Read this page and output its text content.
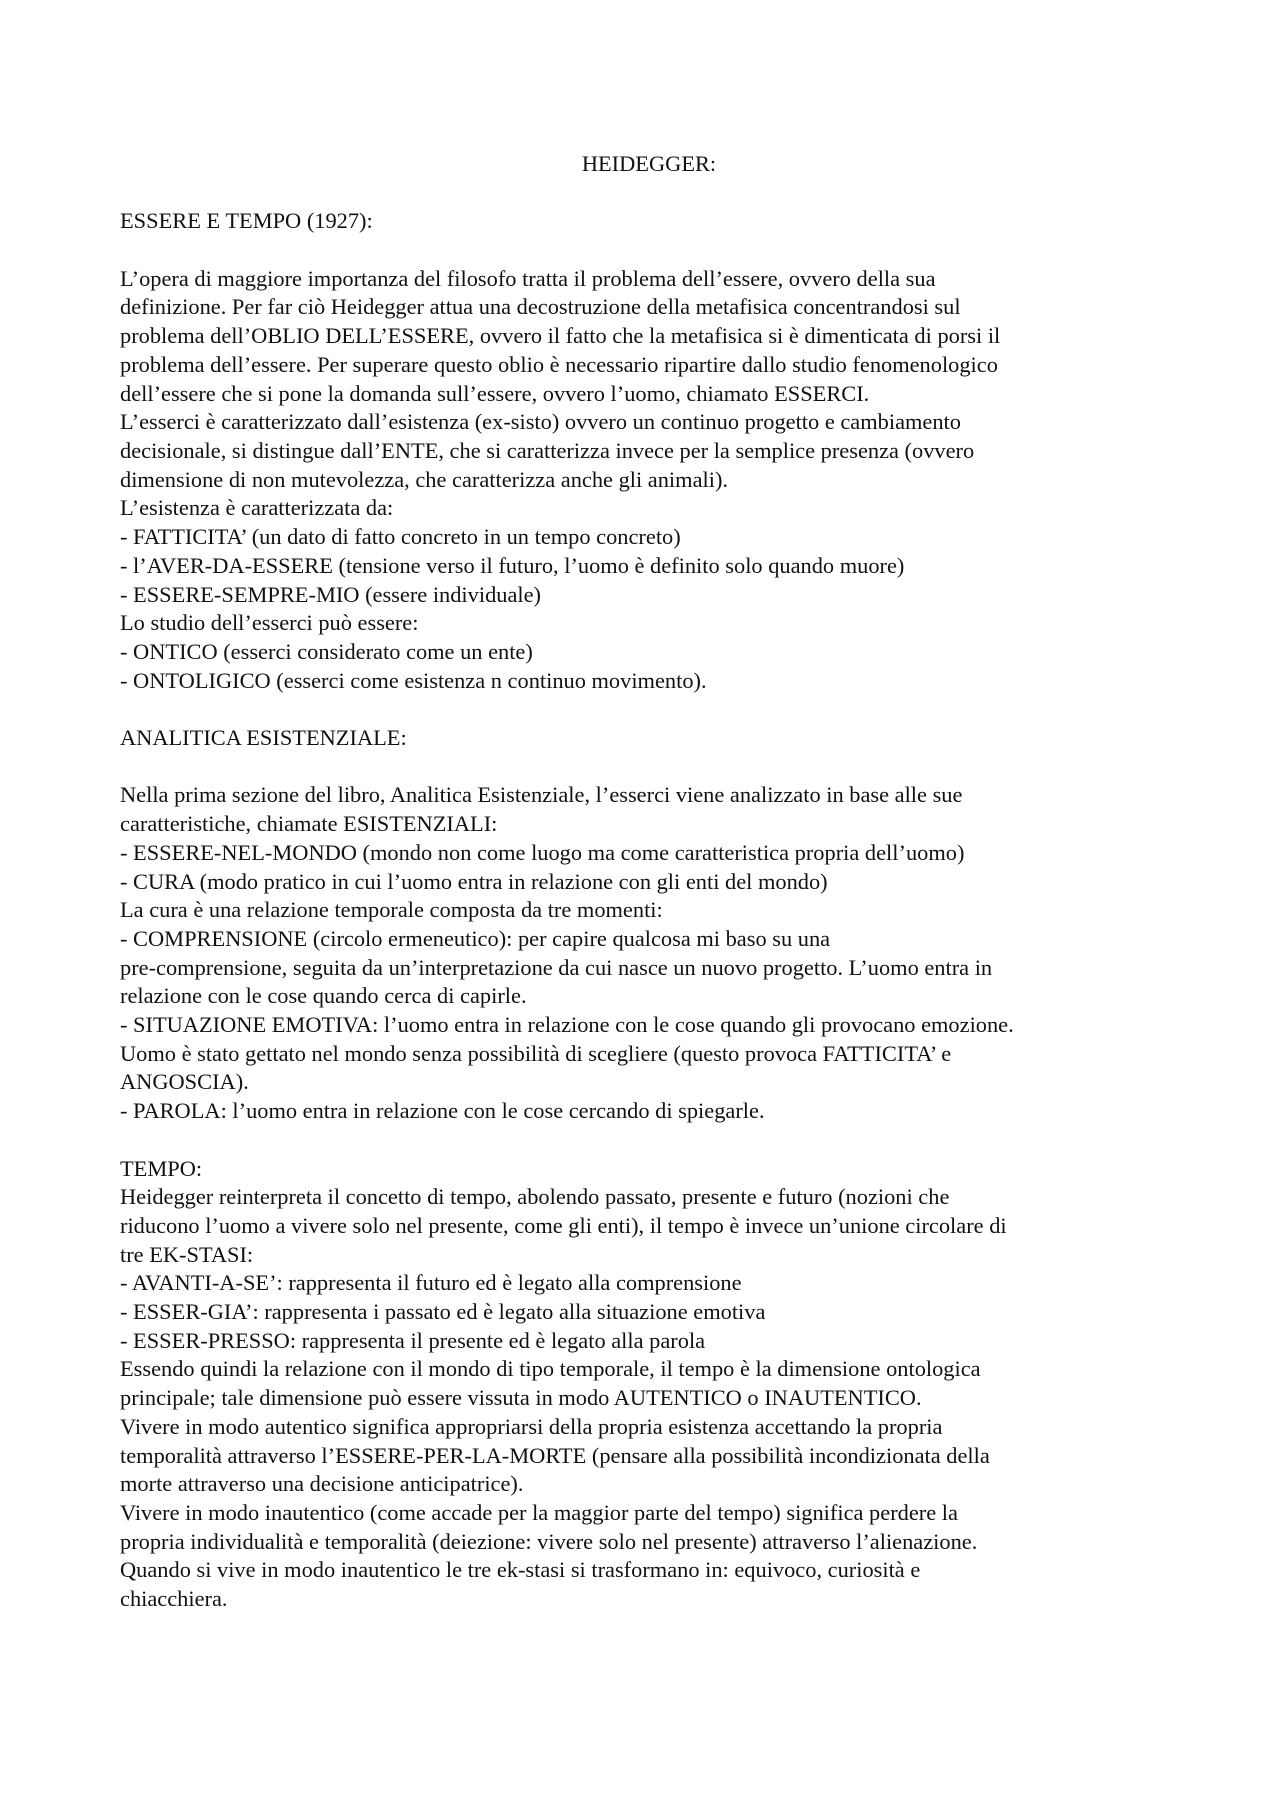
HEIDEGGER:
ESSERE E TEMPO (1927):
L’opera di maggiore importanza del filosofo tratta il problema dell’essere, ovvero della sua
definizione. Per far ciò Heidegger attua una decostruzione della metafisica concentrandosi sul
problema dell’OBLIO DELL’ESSERE, ovvero il fatto che la metafisica si è dimenticata di porsi il
problema dell’essere. Per superare questo oblio è necessario ripartire dallo studio fenomenologico
dell’essere che si pone la domanda sull’essere, ovvero l’uomo, chiamato ESSERCI.
L’esserci è caratterizzato dall’esistenza (ex-sisto) ovvero un continuo progetto e cambiamento
decisionale, si distingue dall’ENTE, che si caratterizza invece per la semplice presenza (ovvero
dimensione di non mutevolezza, che caratterizza anche gli animali).
L’esistenza è caratterizzata da:
- FATTICITA’ (un dato di fatto concreto in un tempo concreto)
- l’AVER-DA-ESSERE (tensione verso il futuro, l’uomo è definito solo quando muore)
- ESSERE-SEMPRE-MIO (essere individuale)
Lo studio dell’esserci può essere:
- ONTICO (esserci considerato come un ente)
- ONTOLIGICO (esserci come esistenza n continuo movimento).
ANALITICA ESISTENZIALE:
Nella prima sezione del libro, Analitica Esistenziale, l’esserci viene analizzato in base alle sue
caratteristiche, chiamate ESISTENZIALI:
- ESSERE-NEL-MONDO (mondo non come luogo ma come caratteristica propria dell’uomo)
- CURA (modo pratico in cui l’uomo entra in relazione con gli enti del mondo)
La cura è una relazione temporale composta da tre momenti:
- COMPRENSIONE (circolo ermeneutico): per capire qualcosa mi baso su una
pre-comprensione, seguita da un’interpretazione da cui nasce un nuovo progetto. L’uomo entra in
relazione con le cose quando cerca di capirle.
- SITUAZIONE EMOTIVA: l’uomo entra in relazione con le cose quando gli provocano emozione.
Uomo è stato gettato nel mondo senza possibilità di scegliere (questo provoca FATTICITA’ e
ANGOSCIA).
- PAROLA: l’uomo entra in relazione con le cose cercando di spiegarle.
TEMPO:
Heidegger reinterpreta il concetto di tempo, abolendo passato, presente e futuro (nozioni che
riducono l’uomo a vivere solo nel presente, come gli enti), il tempo è invece un’unione circolare di
tre EK-STASI:
- AVANTI-A-SE’: rappresenta il futuro ed è legato alla comprensione
- ESSER-GIA’: rappresenta i passato ed è legato alla situazione emotiva
- ESSER-PRESSO: rappresenta il presente ed è legato alla parola
Essendo quindi la relazione con il mondo di tipo temporale, il tempo è la dimensione ontologica
principale; tale dimensione può essere vissuta in modo AUTENTICO o INAUTENTICO.
Vivere in modo autentico significa appropriarsi della propria esistenza accettando la propria
temporalità attraverso l’ESSERE-PER-LA-MORTE (pensare alla possibilità incondizionata della
morte attraverso una decisione anticipatrice).
Vivere in modo inautentico (come accade per la maggior parte del tempo) significa perdere la
propria individualità e temporalità (deiezione: vivere solo nel presente) attraverso l’alienazione.
Quando si vive in modo inautentico le tre ek-stasi si trasformano in: equivoco, curiosità e
chiacchiera.
